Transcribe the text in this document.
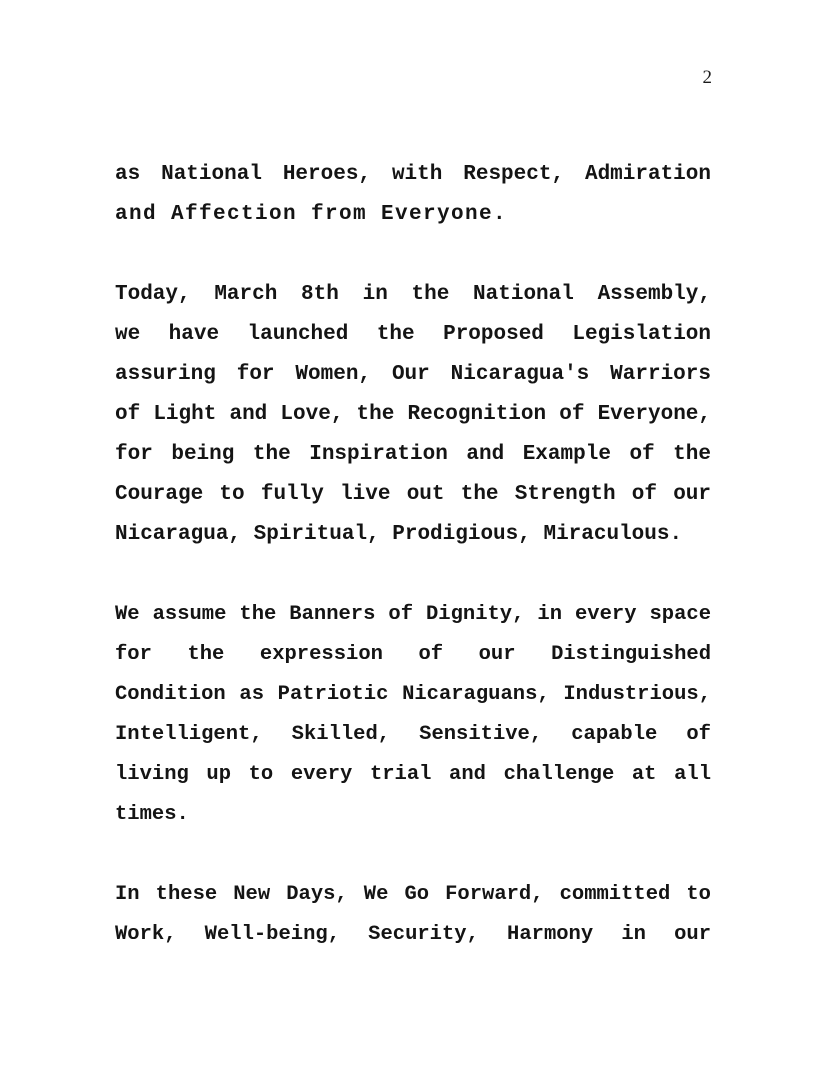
2
as National Heroes, with Respect, Admiration
and Affection from Everyone.
Today, March 8th in the National Assembly,
we have launched the Proposed Legislation
assuring for Women, Our Nicaragua's Warriors
of Light and Love, the Recognition of Everyone,
for being the Inspiration and Example of the
Courage to fully live out the Strength of our
Nicaragua, Spiritual, Prodigious, Miraculous.
We assume the Banners of Dignity, in every space
for the expression of our Distinguished
Condition as Patriotic Nicaraguans, Industrious,
Intelligent, Skilled, Sensitive, capable of
living up to every trial and challenge at all
times.
In these New Days, We Go Forward, committed to
Work, Well-being, Security, Harmony in our
